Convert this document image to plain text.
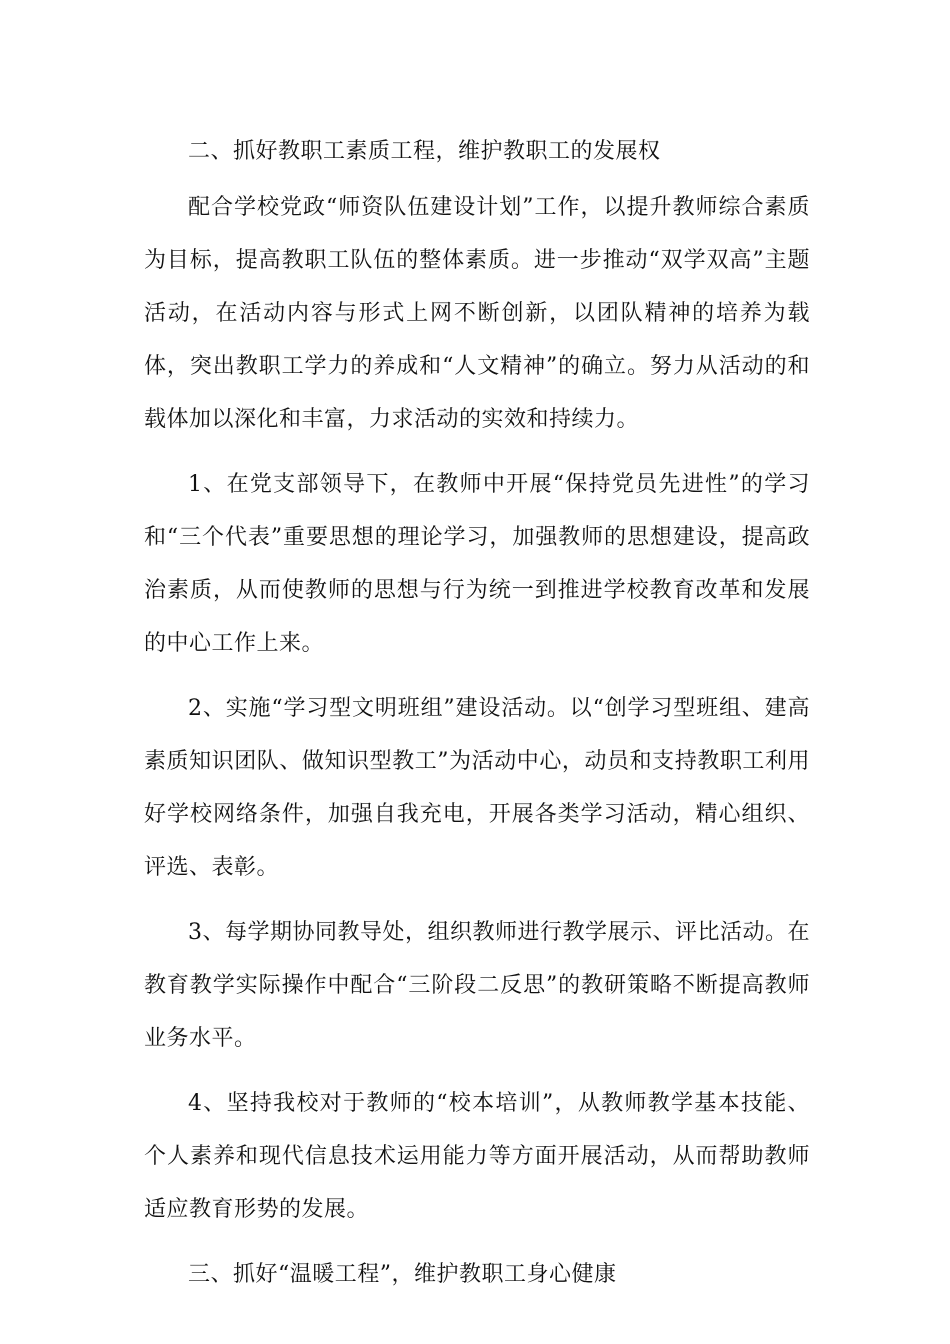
二、抓好教职工素质工程，维护教职工的发展权

配合学校党政“师资队伍建设计划”工作，以提升教师综合素质为目标，提高教职工队伍的整体素质。进一步推动“双学双高”主题活动，在活动内容与形式上网不断创新，以团队精神的培养为载体，突出教职工学力的养成和“人文精神”的确立。努力从活动的和载体加以深化和丰富，力求活动的实效和持续力。

1、在党支部领导下，在教师中开展“保持党员先进性”的学习和“三个代表”重要思想的理论学习，加强教师的思想建设，提高政治素质，从而使教师的思想与行为统一到推进学校教育改革和发展的中心工作上来。

2、实施“学习型文明班组”建设活动。以“创学习型班组、建高素质知识团队、做知识型教工”为活动中心，动员和支持教职工利用好学校网络条件，加强自我充电，开展各类学习活动，精心组织、评选、表彰。

3、每学期协同教导处，组织教师进行教学展示、评比活动。在教育教学实际操作中配合“三阶段二反思”的教研策略不断提高教师业务水平。

4、坚持我校对于教师的“校本培训”，从教师教学基本技能、个人素养和现代信息技术运用能力等方面开展活动，从而帮助教师适应教育形势的发展。

三、抓好“温暖工程”，维护教职工身心健康
